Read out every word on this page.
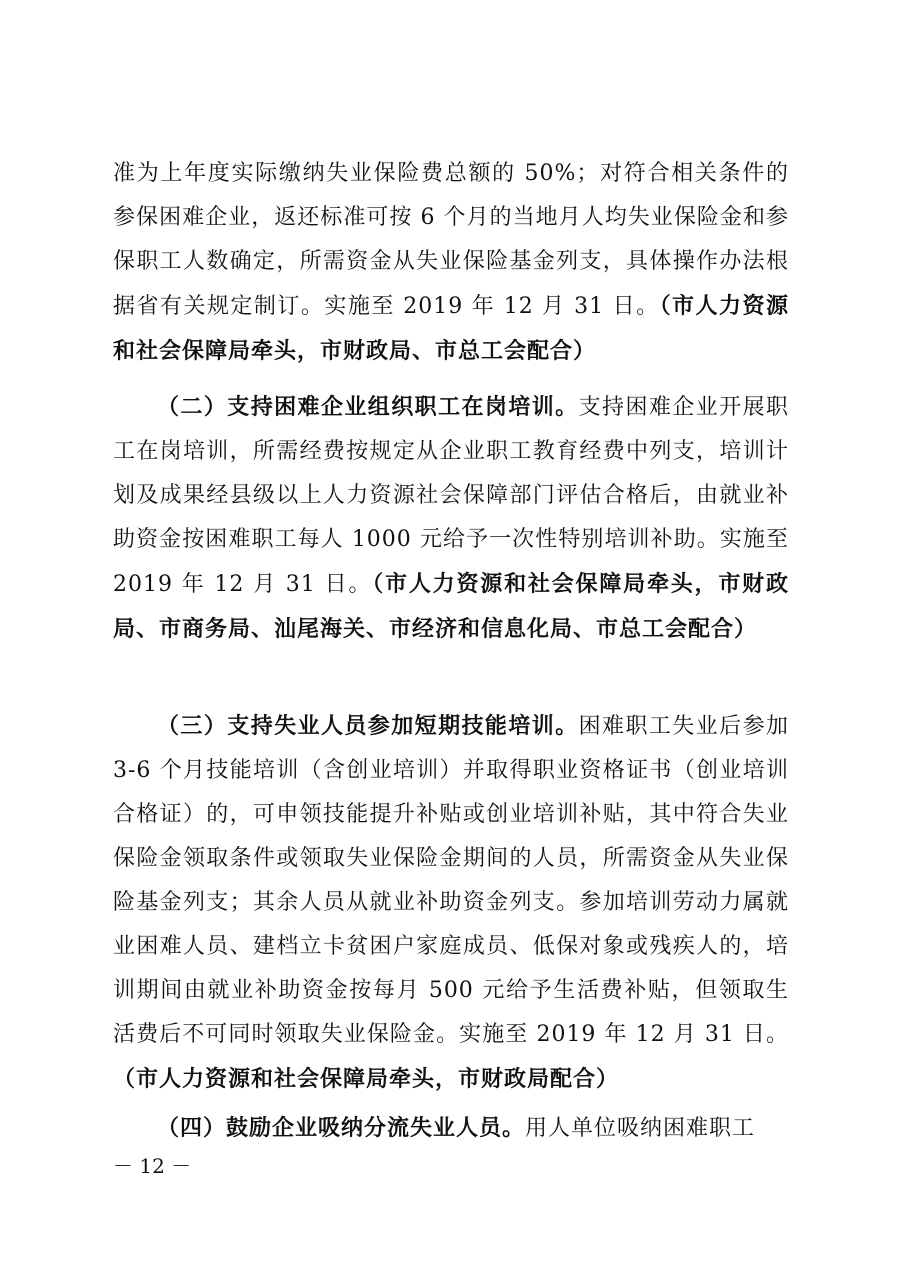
准为上年度实际缴纳失业保险费总额的 50%；对符合相关条件的参保困难企业，返还标准可按 6 个月的当地月人均失业保险金和参保职工人数确定，所需资金从失业保险基金列支，具体操作办法根据省有关规定制订。实施至 2019 年 12 月 31 日。（市人力资源和社会保障局牵头，市财政局、市总工会配合）

（二）支持困难企业组织职工在岗培训。支持困难企业开展职工在岗培训，所需经费按规定从企业职工教育经费中列支，培训计划及成果经县级以上人力资源社会保障部门评估合格后，由就业补助资金按困难职工每人 1000 元给予一次性特别培训补助。实施至 2019 年 12 月 31 日。（市人力资源和社会保障局牵头，市财政局、市商务局、汕尾海关、市经济和信息化局、市总工会配合）

（三）支持失业人员参加短期技能培训。困难职工失业后参加 3-6 个月技能培训（含创业培训）并取得职业资格证书（创业培训合格证）的，可申领技能提升补贴或创业培训补贴，其中符合失业保险金领取条件或领取失业保险金期间的人员，所需资金从失业保险基金列支；其余人员从就业补助资金列支。参加培训劳动力属就业困难人员、建档立卡贫困户家庭成员、低保对象或残疾人的，培训期间由就业补助资金按每月 500 元给予生活费补贴，但领取生活费后不可同时领取失业保险金。实施至 2019 年 12 月 31 日。（市人力资源和社会保障局牵头，市财政局配合）

（四）鼓励企业吸纳分流失业人员。用人单位吸纳困难职工

－ 12 －
